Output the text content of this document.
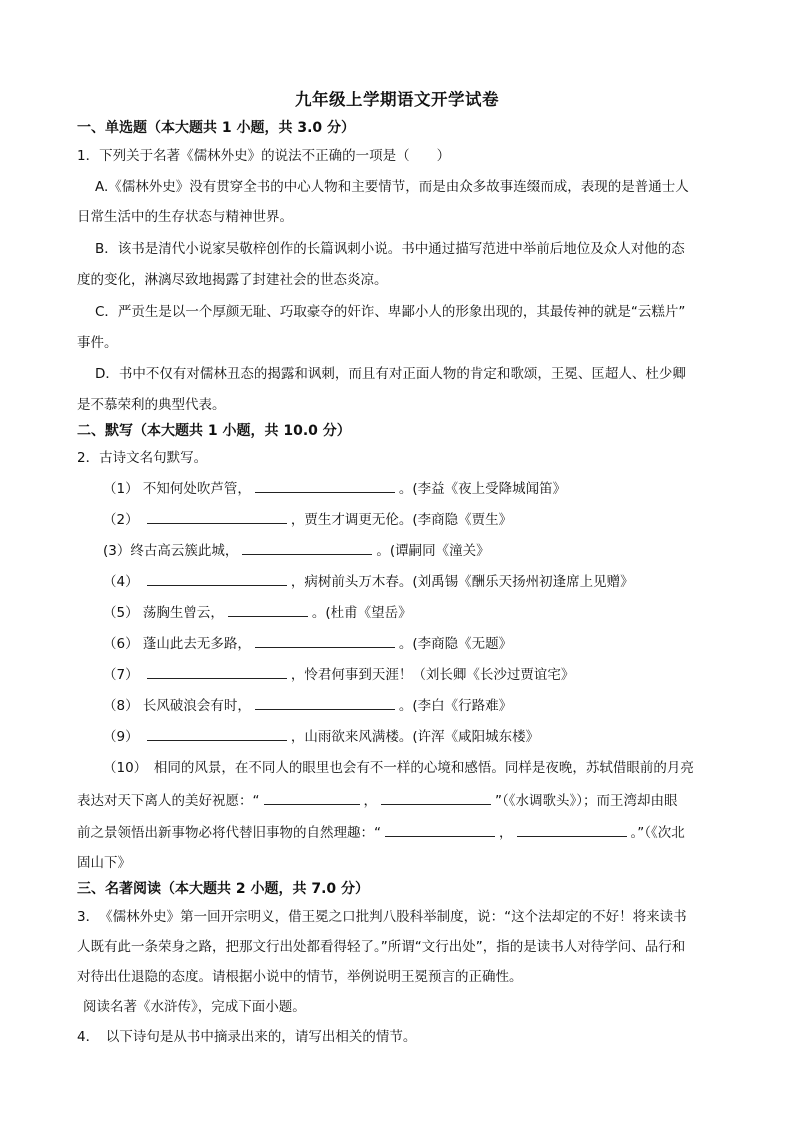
九年级上学期语文开学试卷
一、单选题（本大题共 1 小题，共 3.0 分）
1．下列关于名著《儒林外史》的说法不正确的一项是（　　）
A.《儒林外史》没有贯穿全书的中心人物和主要情节，而是由众多故事连缀而成，表现的是普通士人
日常生活中的生存状态与精神世界。
B．该书是清代小说家吴敬梓创作的长篇讽刺小说。书中通过描写范进中举前后地位及众人对他的态
度的变化，淋漓尽致地揭露了封建社会的世态炎凉。
C．严贡生是以一个厚颜无耻、巧取豪夺的奸诈、卑鄙小人的形象出现的，其最传神的就是“云糕片”
事件。
D．书中不仅有对儒林丑态的揭露和讽刺，而且有对正面人物的肯定和歌颂，王冕、匡超人、杜少卿
是不慕荣利的典型代表。
二、默写（本大题共 1 小题，共 10.0 分）
2．古诗文名句默写。
（1） 不知何处吹芦管，	。(李益《夜上受降城闻笛》
（2）	，贾生才调更无伦。(李商隐《贾生》
(3）终古高云簇此城，	。(谭嗣同《潼关》
（4）	，病树前头万木春。(刘禹锡《酬乐天扬州初逢席上见赠》
（5） 荡胸生曾云，	。(杜甫《望岳》
（6） 蓬山此去无多路，	。(李商隐《无题》
（7）	，怜君何事到天涯！（刘长卿《长沙过贾谊宅》
（8） 长风破浪会有时，	。(李白《行路难》
（9）	，山雨欲来风满楼。(许浑《咸阳城东楼》
（10）　相同的风景，在不同人的眼里也会有不一样的心境和感悟。同样是夜晚，苏轼借眼前的月亮
表达对天下离人的美好祝愿：“	，	”（《水调歌头》）；而王湾却由眼
前之景领悟出新事物必将代替旧事物的自然理趣：“	，	。”（《次北
固山下》
三、名著阅读（本大题共 2 小题，共 7.0 分）
3．　《儒林外史》第一回开宗明义，借王冕之口批判八股科举制度，说：“这个法却定的不好！将来读书
人既有此一条荣身之路，把那文行出处都看得轻了。”所谓“文行出处”，指的是读书人对待学问、品行和
对待出仕退隐的态度。请根据小说中的情节，举例说明王冕预言的正确性。
阅读名著《水浒传》，完成下面小题。
4．　以下诗句是从书中摘录出来的，请写出相关的情节。
